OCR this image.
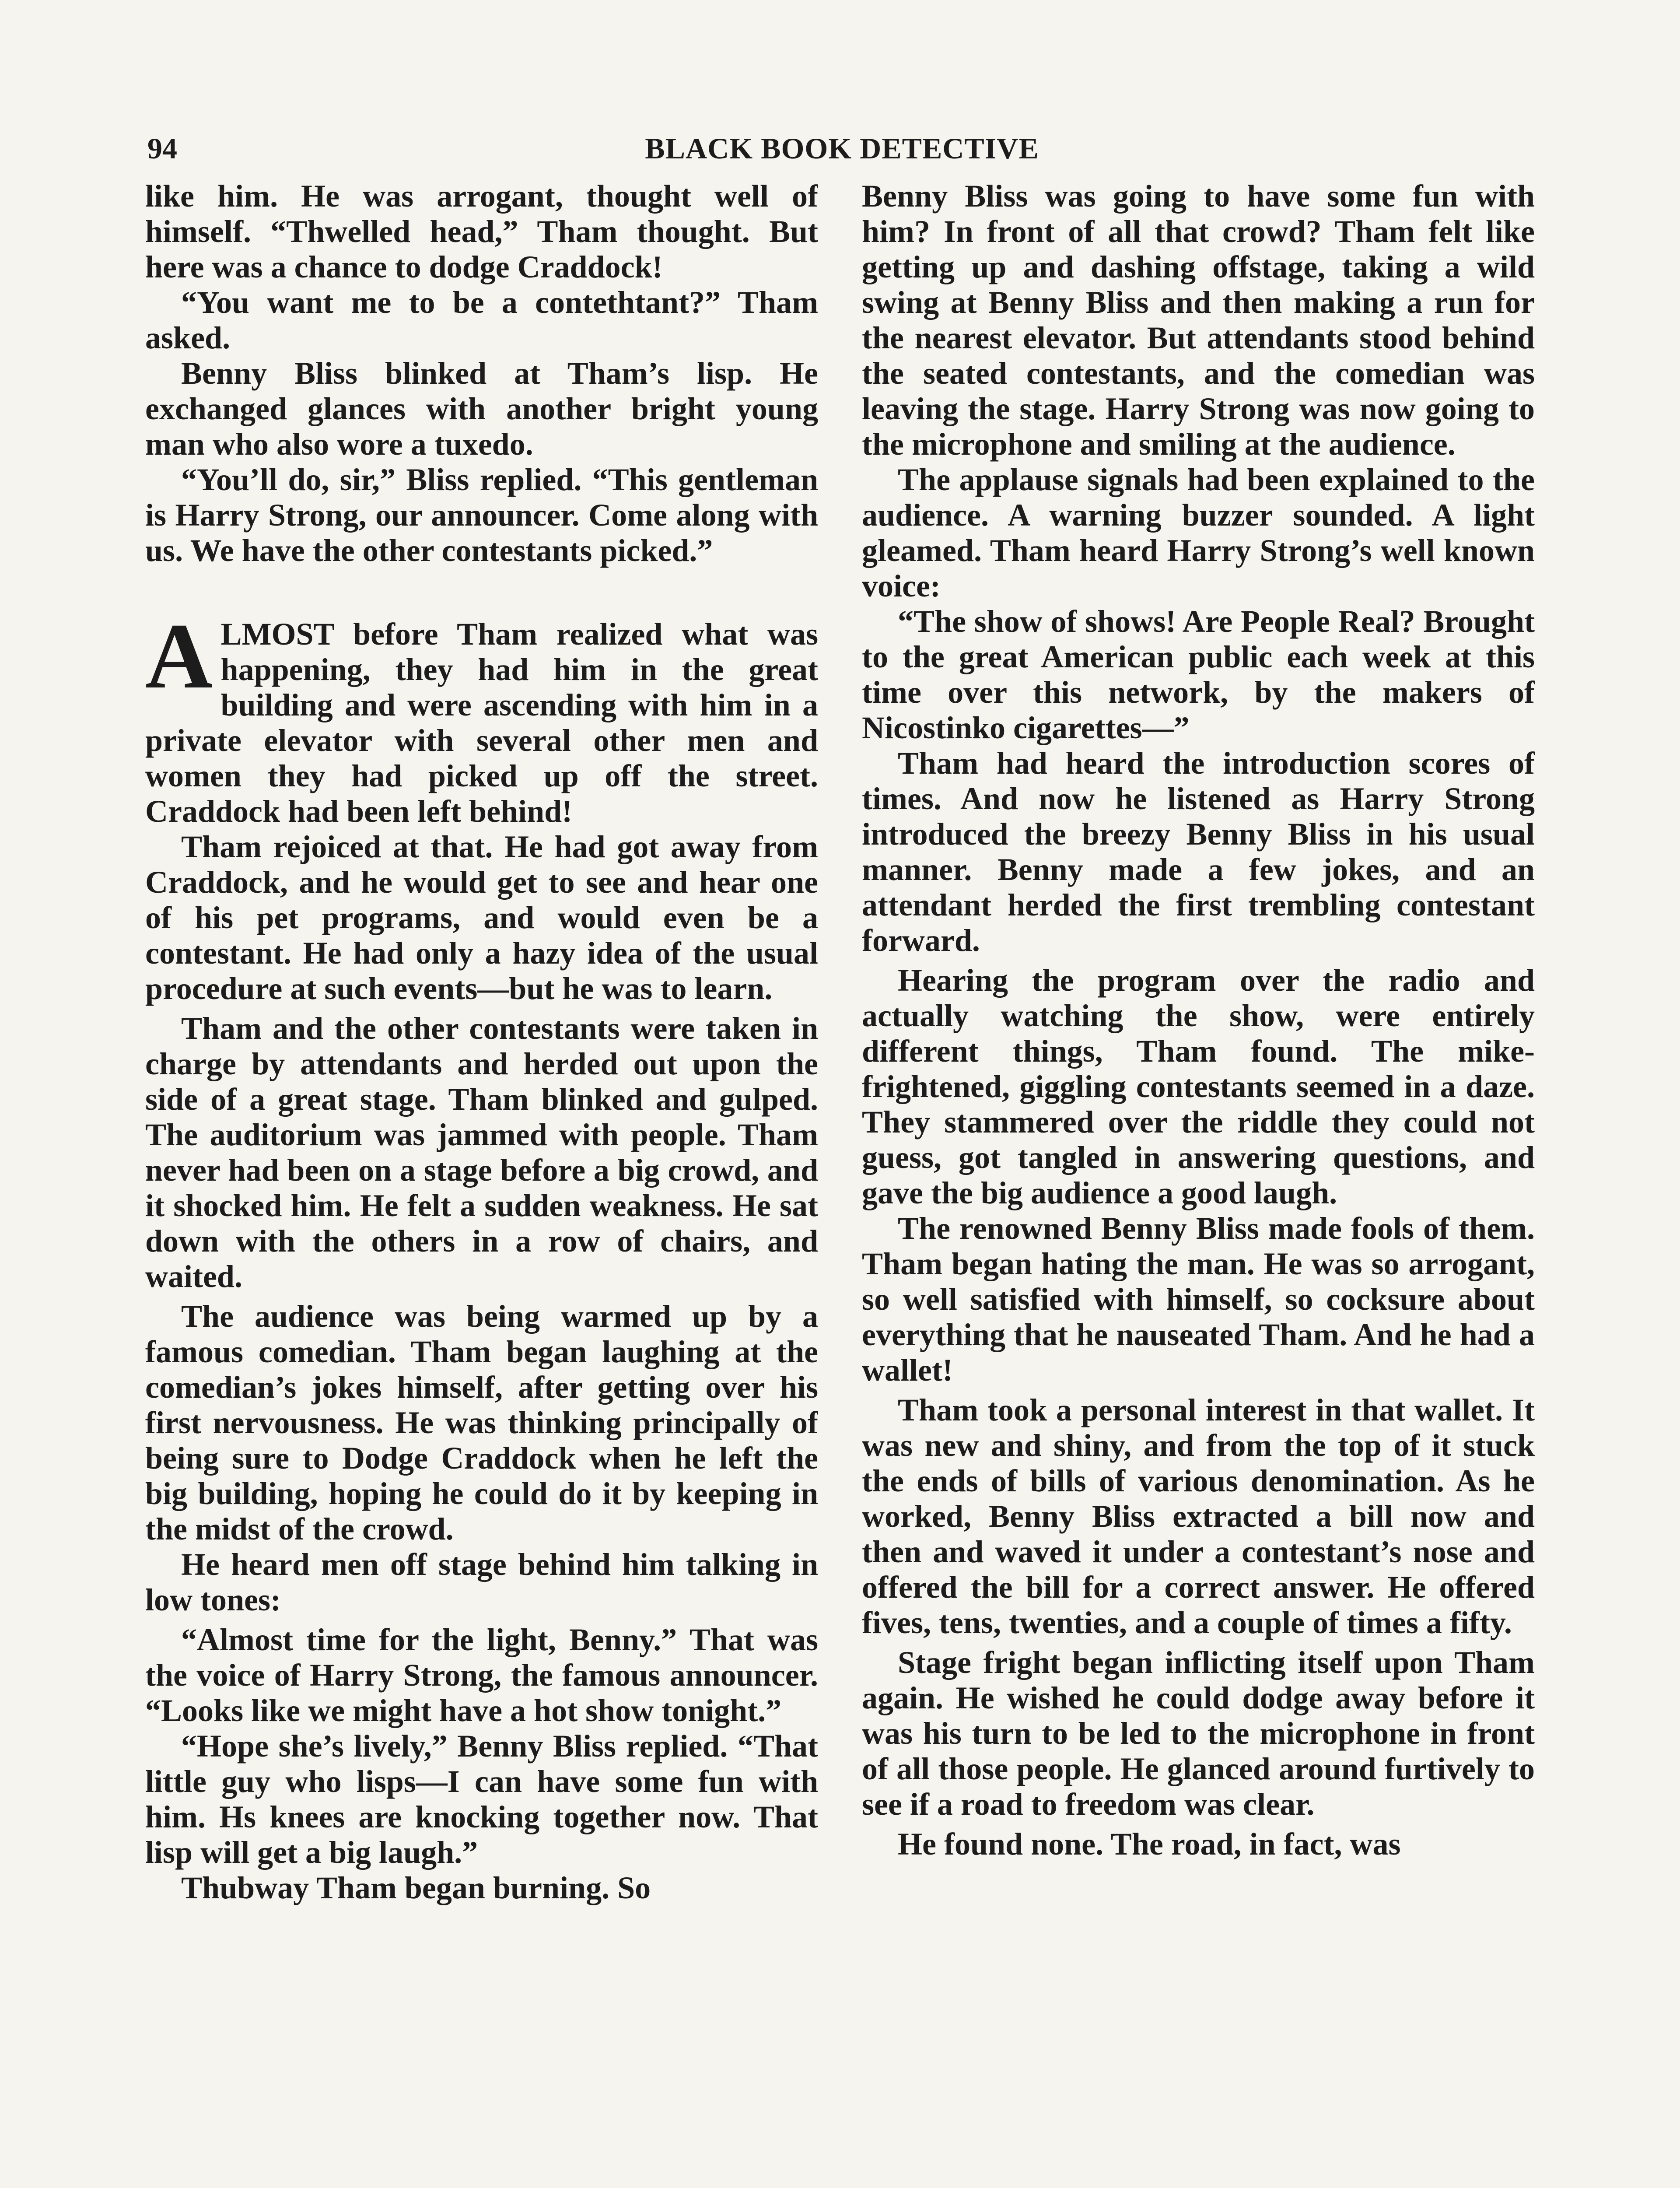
94	BLACK BOOK DETECTIVE

like him. He was arrogant, thought well of himself. “Thwelled head,” Tham thought. But here was a chance to dodge Craddock!

“You want me to be a contethtant?” Tham asked.

Benny Bliss blinked at Tham’s lisp. He exchanged glances with another bright young man who also wore a tuxedo.

“You’ll do, sir,” Bliss replied. “This gentleman is Harry Strong, our announcer. Come along with us. We have the other contestants picked.”

ALMOST before Tham realized what was happening, they had him in the great building and were ascending with him in a private elevator with several other men and women they had picked up off the street. Craddock had been left behind!

Tham rejoiced at that. He had got away from Craddock, and he would get to see and hear one of his pet programs, and would even be a contestant. He had only a hazy idea of the usual procedure at such events—but he was to learn.

Tham and the other contestants were taken in charge by attendants and herded out upon the side of a great stage. Tham blinked and gulped. The auditorium was jammed with people. Tham never had been on a stage before a big crowd, and it shocked him. He felt a sudden weakness. He sat down with the others in a row of chairs, and waited.

The audience was being warmed up by a famous comedian. Tham began laughing at the comedian’s jokes himself, after getting over his first nervousness. He was thinking principally of being sure to Dodge Craddock when he left the big building, hoping he could do it by keeping in the midst of the crowd.

He heard men off stage behind him talking in low tones:

“Almost time for the light, Benny.” That was the voice of Harry Strong, the famous announcer. “Looks like we might have a hot show tonight.”

“Hope she’s lively,” Benny Bliss replied. “That little guy who lisps—I can have some fun with him. Hs knees are knocking together now. That lisp will get a big laugh.”

Thubway Tham began burning. So

Benny Bliss was going to have some fun with him? In front of all that crowd? Tham felt like getting up and dashing offstage, taking a wild swing at Benny Bliss and then making a run for the nearest elevator. But attendants stood behind the seated contestants, and the comedian was leaving the stage. Harry Strong was now going to the microphone and smiling at the audience.

The applause signals had been explained to the audience. A warning buzzer sounded. A light gleamed. Tham heard Harry Strong’s well known voice:

“The show of shows! Are People Real? Brought to the great American public each week at this time over this network, by the makers of Nicostinko cigarettes—”

Tham had heard the introduction scores of times. And now he listened as Harry Strong introduced the breezy Benny Bliss in his usual manner. Benny made a few jokes, and an attendant herded the first trembling contestant forward.

Hearing the program over the radio and actually watching the show, were entirely different things, Tham found. The mike-frightened, giggling contestants seemed in a daze. They stammered over the riddle they could not guess, got tangled in answering questions, and gave the big audience a good laugh.

The renowned Benny Bliss made fools of them. Tham began hating the man. He was so arrogant, so well satisfied with himself, so cocksure about everything that he nauseated Tham. And he had a wallet!

Tham took a personal interest in that wallet. It was new and shiny, and from the top of it stuck the ends of bills of various denomination. As he worked, Benny Bliss extracted a bill now and then and waved it under a contestant’s nose and offered the bill for a correct answer. He offered fives, tens, twenties, and a couple of times a fifty.

Stage fright began inflicting itself upon Tham again. He wished he could dodge away before it was his turn to be led to the microphone in front of all those people. He glanced around furtively to see if a road to freedom was clear.

He found none. The road, in fact, was
